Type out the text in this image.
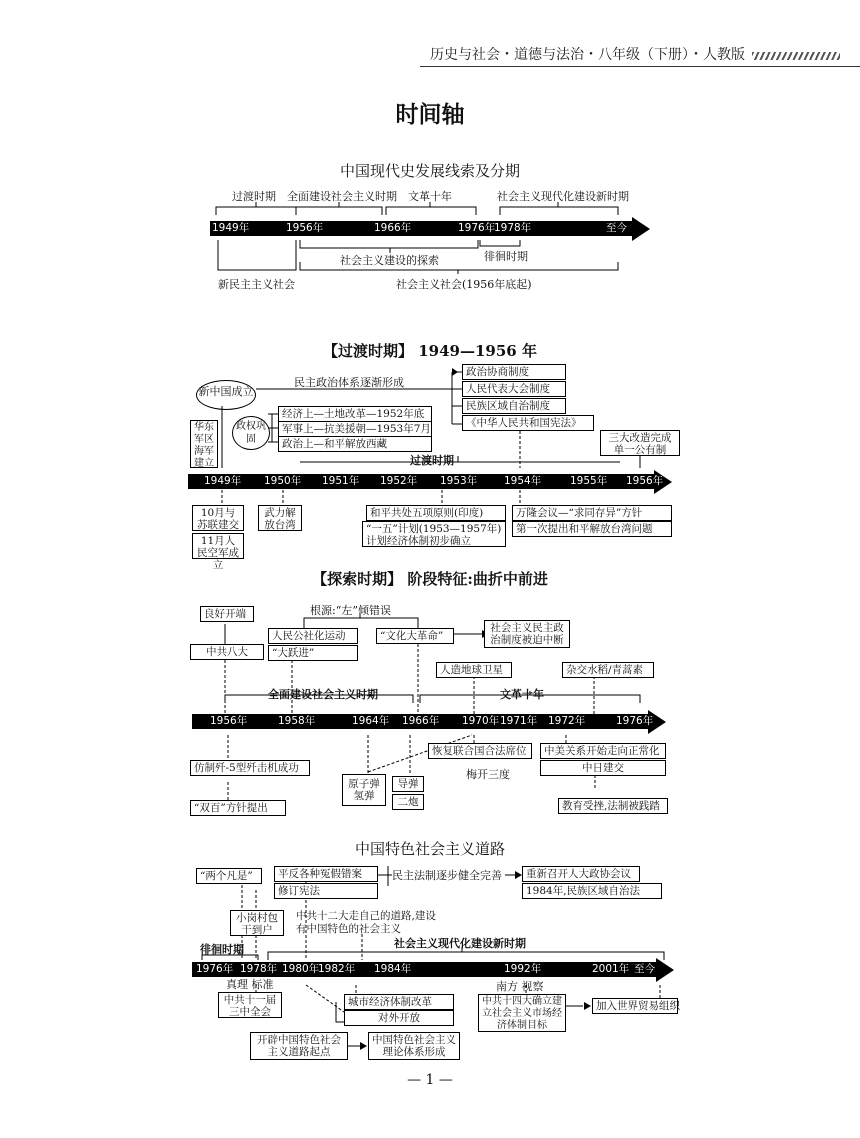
历史与社会・道德与法治・八年级（下册）・人教版
时间轴
中国现代史发展线索及分期
过渡时期 全面建设社会主义时期 文革十年	社会主义现代化建设新时期
1949年	1956年	1966年	1976年
1978年	至今
社会主义建设的探索	徘徊时期
新民主主义社会	社会主义社会(1956年底起)
【过渡时期】 1949—1956 年
新中国成立
民主政治体系逐渐形成
政治协商制度
人民代表大会制度
民族区域自治制度
《中华人民共和国宪法》
华东军区海军建立
政权巩固
经济上—土地改革—1952年底
军事上—抗美援朝—1953年7月
政治上—和平解放西藏	三大改造完成单一公有制
过渡时期
1949年 1950年 1951年 1952年 1953年	1954年	1955年 1956年
10月与苏联建交
11月人民空军成立
武力解放台湾
和平共处五项原则(印度)
“一五”计划(1953—1957年)计划经济体制初步确立
万隆会议—“求同存异”方针
第一次提出和平解放台湾问题
【探索时期】 阶段特征:曲折中前进
良好开端
中共八大
根源:“左”倾错误
人民公社化运动
“大跃进”
“文化大革命”
社会主义民主政治制度被迫中断
人造地球卫星	杂交水稻/青蒿素
全面建设社会主义时期	文革十年
1956年	1958年	1964年 1966年 1970年 1971年 1972年	1976年
仿制歼-5型歼击机成功
“双百”方针提出
原子弹氢弹
导弹
二炮
恢复联合国合法席位
梅开三度
中美关系开始走向正常化
中日建交
教育受挫,法制被践踏
中国特色社会主义道路
“两个凡是”	平反各种冤假错案
修订宪法
民主法制逐步健全完善	重新召开人大政协会议
1984年,民族区域自治法
小岗村包干到户
中共十二大走自己的道路,建设有中国特色的社会主义
徘徊时期	社会主义现代化建设新时期
1976年 1978年 1980年
1982年 1984年	1992年	2001年 至今
真理 标准	南方 视察
中共十一届三中全会
城市经济体制改革
对外开放
中共十四大确立建立社会主义市场经济体制目标
加入世界贸易组织
开辟中国特色社会主义道路起点
中国特色社会主义理论体系形成
— 1 —
